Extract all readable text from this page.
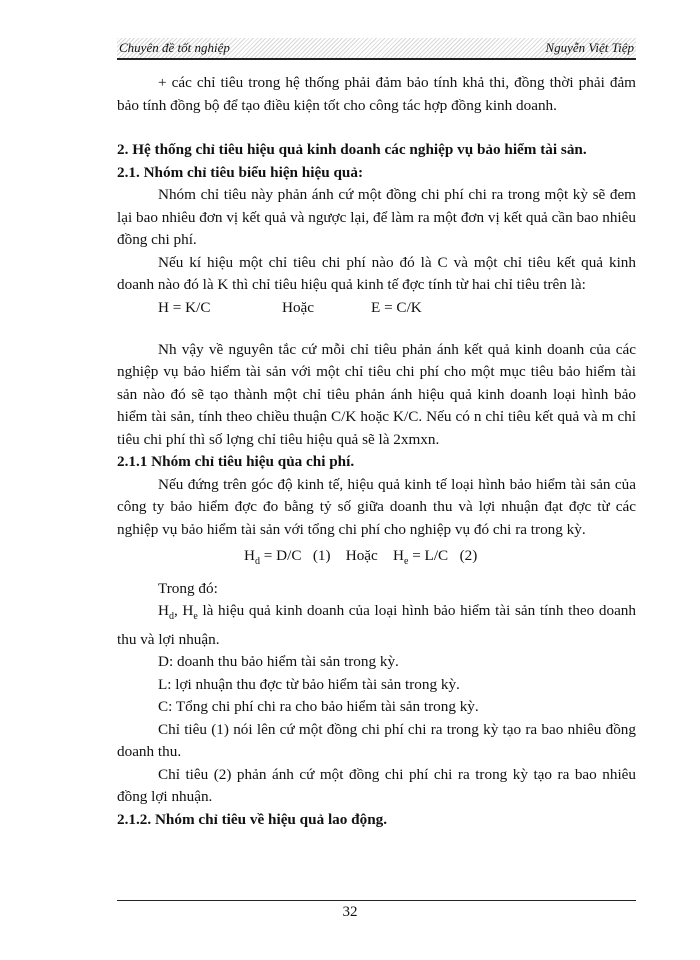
Chuyên đề tốt nghiệp	Nguyễn Việt Tiệp

+ các chỉ tiêu trong hệ thống phải đảm bảo tính khả thi, đồng thời phải đảm bảo tính đồng bộ để tạo điều kiện tốt cho công tác hợp đồng kinh doanh.

2. Hệ thống chỉ tiêu hiệu quả kinh doanh các nghiệp vụ bảo hiểm tài sản.

2.1. Nhóm chỉ tiêu biểu hiện hiệu quả:

Nhóm chỉ tiêu này phản ánh cứ một đồng chi phí chi ra trong một kỳ sẽ đem lại bao nhiêu đơn vị kết quả và ngược lại, để làm ra một đơn vị kết quả cần bao nhiêu đồng chi phí.

Nếu kí hiệu một chỉ tiêu chi phí nào đó là C và một chỉ tiêu kết quả kinh doanh nào đó là K thì chỉ tiêu hiệu quả kinh tế đợc tính từ hai chỉ tiêu trên là:

H = K/C	Hoặc	E = C/K

Nh vậy về nguyên tắc cứ mỗi chỉ tiêu phản ánh kết quả kinh doanh của các nghiệp vụ bảo hiểm tài sản với một chỉ tiêu chi phí cho một mục tiêu bảo hiểm tài sản nào đó sẽ tạo thành một chỉ tiêu phản ánh hiệu quả kinh doanh loại hình bảo hiểm tài sản, tính theo chiều thuận C/K hoặc K/C. Nếu có n chỉ tiêu kết quả và m chỉ tiêu chi phí thì số lợng chỉ tiêu hiệu quả sẽ là 2xmxn.

2.1.1 Nhóm chỉ tiêu hiệu qủa chi phí.

Nếu đứng trên góc độ kinh tế, hiệu quả kinh tế loại hình bảo hiểm tài sản của công ty bảo hiểm đợc đo bằng tỷ số giữa doanh thu và lợi nhuận đạt đợc từ các nghiệp vụ bảo hiểm tài sản với tổng chi phí cho nghiệp vụ đó chi ra trong kỳ.

$H_d = D/C$   (1) Hoặc $H_e = L/C$   (2)

Trong đó:

$H_d$, $H_e$ là hiệu quả kinh doanh của loại hình bảo hiểm tài sản tính theo doanh thu và lợi nhuận.

D: doanh thu bảo hiểm tài sản trong kỳ.

L: lợi nhuận thu đợc từ bảo hiểm tài sản trong kỳ.

C: Tổng chi phí chi ra cho bảo hiểm tài sản trong kỳ.

Chỉ tiêu (1) nói lên cứ một đồng chi phí chi ra trong kỳ tạo ra bao nhiêu đồng doanh thu.

Chỉ tiêu (2) phản ánh cứ một đồng chi phí chi ra trong kỳ tạo ra bao nhiêu đồng lợi nhuận.

2.1.2. Nhóm chỉ tiêu về hiệu quả lao động.

32
